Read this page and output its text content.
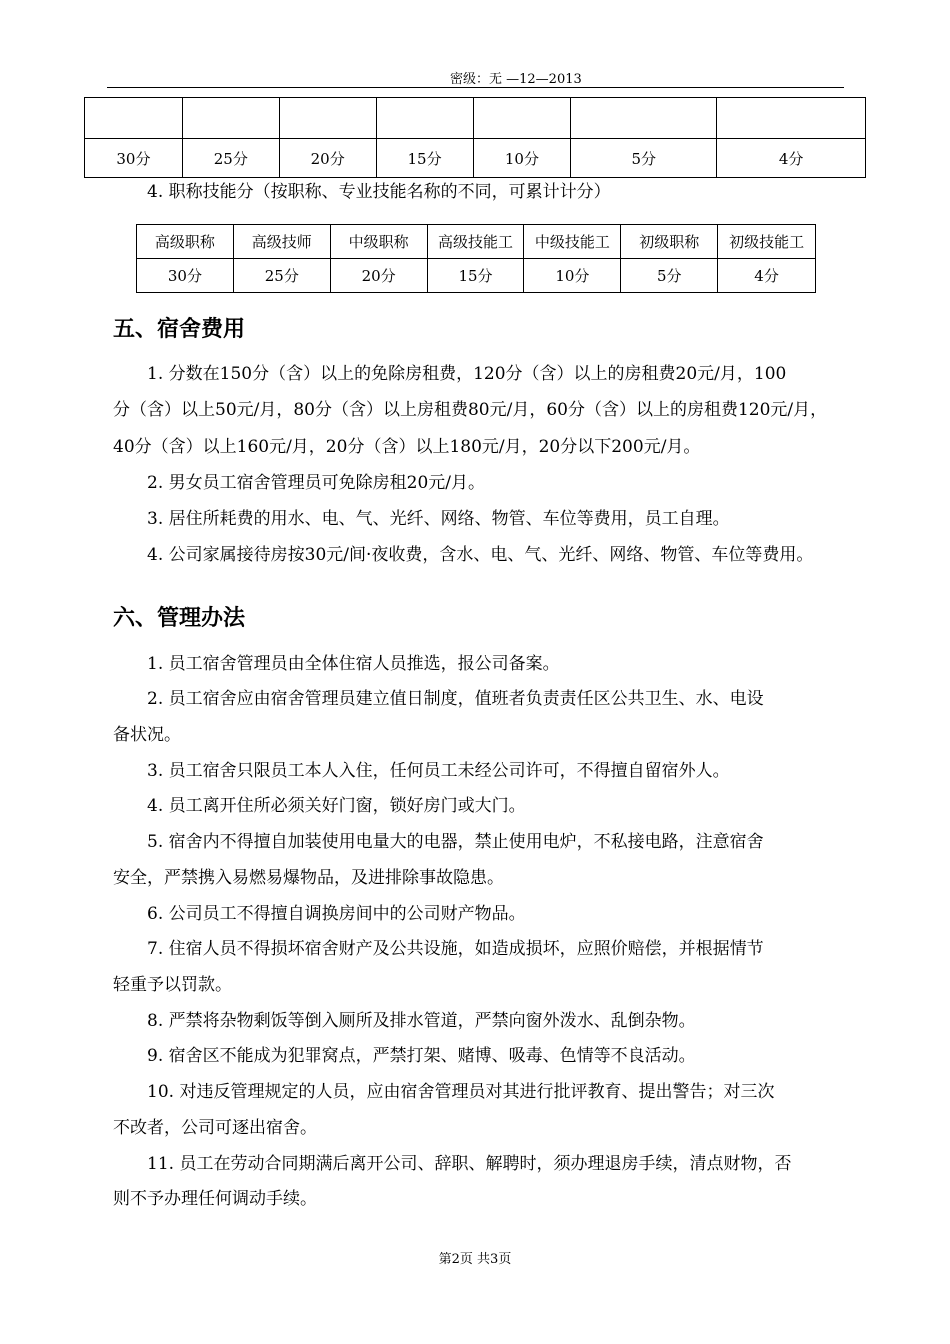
密级：无 —12—2013

30分	25分	20分	15分	10分	5分	4分
4. 职称技能分（按职称、专业技能名称的不同，可累计计分）
高级职称	高级技师	中级职称	高级技能工	中级技能工	初级职称	初级技能工
30分	25分	20分	15分	10分	5分	4分
五、宿舍费用
1. 分数在150分（含）以上的免除房租费，120分（含）以上的房租费20元/月，100
分（含）以上50元/月，80分（含）以上房租费80元/月，60分（含）以上的房租费120元/月，
40分（含）以上160元/月，20分（含）以上180元/月，20分以下200元/月。
2. 男女员工宿舍管理员可免除房租20元/月。
3. 居住所耗费的用水、电、气、光纤、网络、物管、车位等费用，员工自理。
4. 公司家属接待房按30元/间·夜收费，含水、电、气、光纤、网络、物管、车位等费用。
六、管理办法
1. 员工宿舍管理员由全体住宿人员推选，报公司备案。
2. 员工宿舍应由宿舍管理员建立值日制度，值班者负责责任区公共卫生、水、电设
备状况。
3. 员工宿舍只限员工本人入住，任何员工未经公司许可，不得擅自留宿外人。
4. 员工离开住所必须关好门窗，锁好房门或大门。
5. 宿舍内不得擅自加装使用电量大的电器，禁止使用电炉，不私接电路，注意宿舍
安全，严禁携入易燃易爆物品，及进排除事故隐患。
6. 公司员工不得擅自调换房间中的公司财产物品。
7. 住宿人员不得损坏宿舍财产及公共设施，如造成损坏，应照价赔偿，并根据情节
轻重予以罚款。
8. 严禁将杂物剩饭等倒入厕所及排水管道，严禁向窗外泼水、乱倒杂物。
9. 宿舍区不能成为犯罪窝点，严禁打架、赌博、吸毒、色情等不良活动。
10. 对违反管理规定的人员，应由宿舍管理员对其进行批评教育、提出警告；对三次
不改者，公司可逐出宿舍。
11. 员工在劳动合同期满后离开公司、辞职、解聘时，须办理退房手续，清点财物，否
则不予办理任何调动手续。
第2页 共3页
